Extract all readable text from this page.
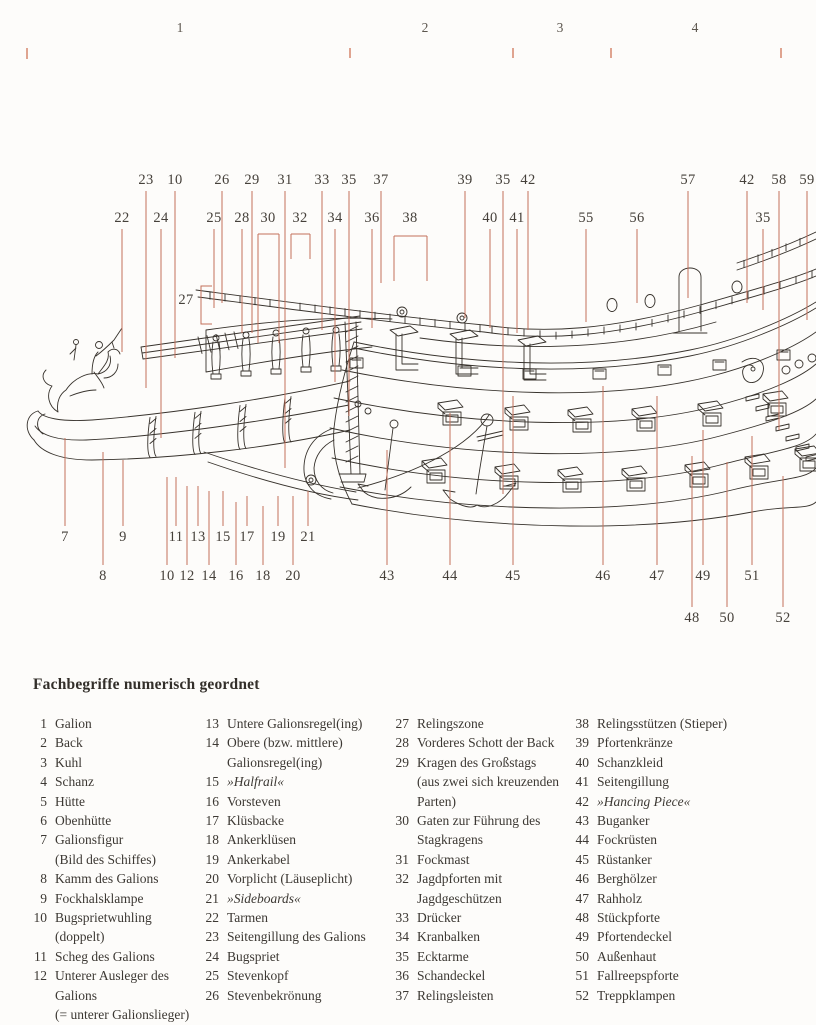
1	2	3	4
23 10 26 29 31 33 35 37	39 35 42	57	42 58 59
22 24	25 28 30 32 34 36 38	40 41	55 56	35
27
7	9	11 13 15 17 19 21
8	10 12 14 16 18 20	43	44	45	46	47 49 51
48 50	52
Fachbegriffe numerisch geordnet
1 Galion
2 Back
3 Kuhl
4 Schanz
5 Hütte
6 Obenhütte
7 Galionsfigur
(Bild des Schiffes)
8 Kamm des Galions
9 Fockhalsklampe
10 Bugsprietwuhling
(doppelt)
11 Scheg des Galions
12 Unterer Ausleger des Galions
(= unterer Galionslieger)
13 Untere Galionsregel(ing)
14 Obere (bzw. mittlere)
Galionsregel(ing)
15 »Halfrail«
16 Vorsteven
17 Klüsbacke
18 Ankerklüsen
19 Ankerkabel
20 Vorplicht (Läuseplicht)
21 »Sideboards«
22 Tarmen
23 Seitengillung des Galions
24 Bugspriet
25 Stevenkopf
26 Stevenbekrönung
27 Relingszone
28 Vorderes Schott der Back
29 Kragen des Großstags
(aus zwei sich kreuzenden
Parten)
30 Gaten zur Führung des
Stagkragens
31 Fockmast
32 Jagdpforten mit
Jagdgeschützen
33 Drücker
34 Kranbalken
35 Ecktarme
36 Schandeckel
37 Relingsleisten
38 Relingsstützen (Stieper)
39 Pfortenkränze
40 Schanzkleid
41 Seitengillung
42 »Hancing Piece«
43 Buganker
44 Fockrüsten
45 Rüstanker
46 Berghölzer
47 Rahholz
48 Stückpforte
49 Pfortendeckel
50 Außenhaut
51 Fallreepspforte
52 Treppklampen
